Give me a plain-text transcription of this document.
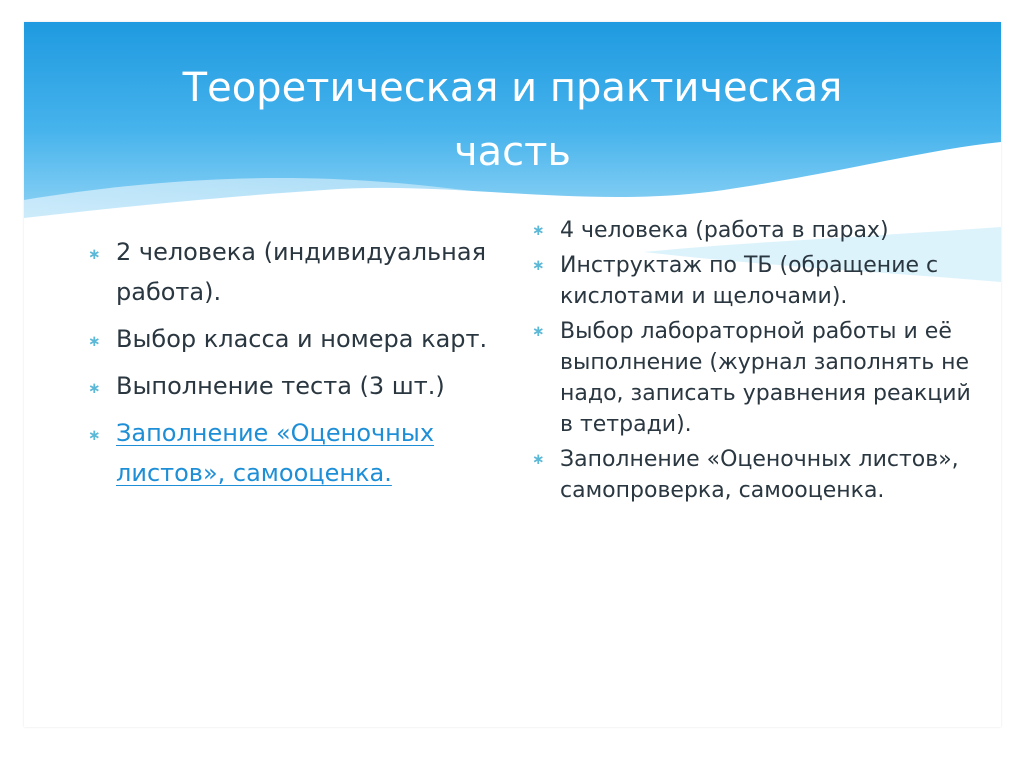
Теоретическая и практическая
часть
∗ 2 человека (индивидуальная работа).
∗ Выбор класса и номера карт.
∗ Выполнение теста (3 шт.)
∗ Заполнение «Оценочных листов», самооценка.
∗ 4 человека (работа в парах)
∗ Инструктаж по ТБ (обращение с кислотами и щелочами).
∗ Выбор лабораторной работы и её выполнение (журнал заполнять не надо, записать уравнения реакций в тетради).
∗ Заполнение «Оценочных листов», самопроверка, самооценка.
